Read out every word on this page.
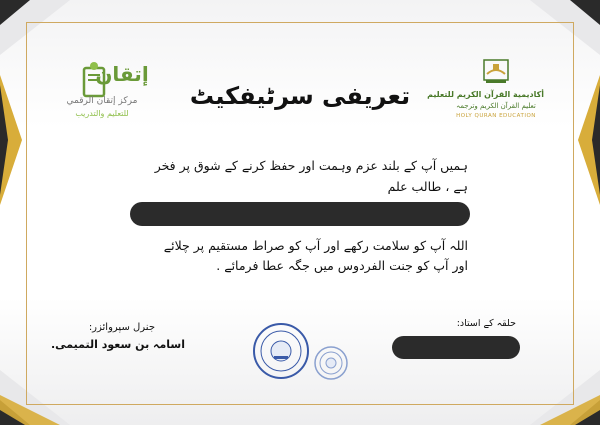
إتقان
مركز إتقان الرقمي
للتعليم والتدريب
أكاديمية القرآن الكريم للتعليم
تعلیم القرآن الکریم وترجمہ
HOLY QURAN EDUCATION
تعریفی سرٹیفکیٹ
ہمیں آپ کے بلند عزم وہمت اور حفظ کرنے کے شوق پر فخر
ہے ، طالب علم
اللہ آپ کو سلامت رکھے اور آپ کو صراط مستقیم پر چلائے
اور آپ کو جنت الفردوس میں جگہ عطا فرمائے .
جنرل سپروائزر:
اسامہ بن سعود التمیمی.
حلقہ کے استاد:
